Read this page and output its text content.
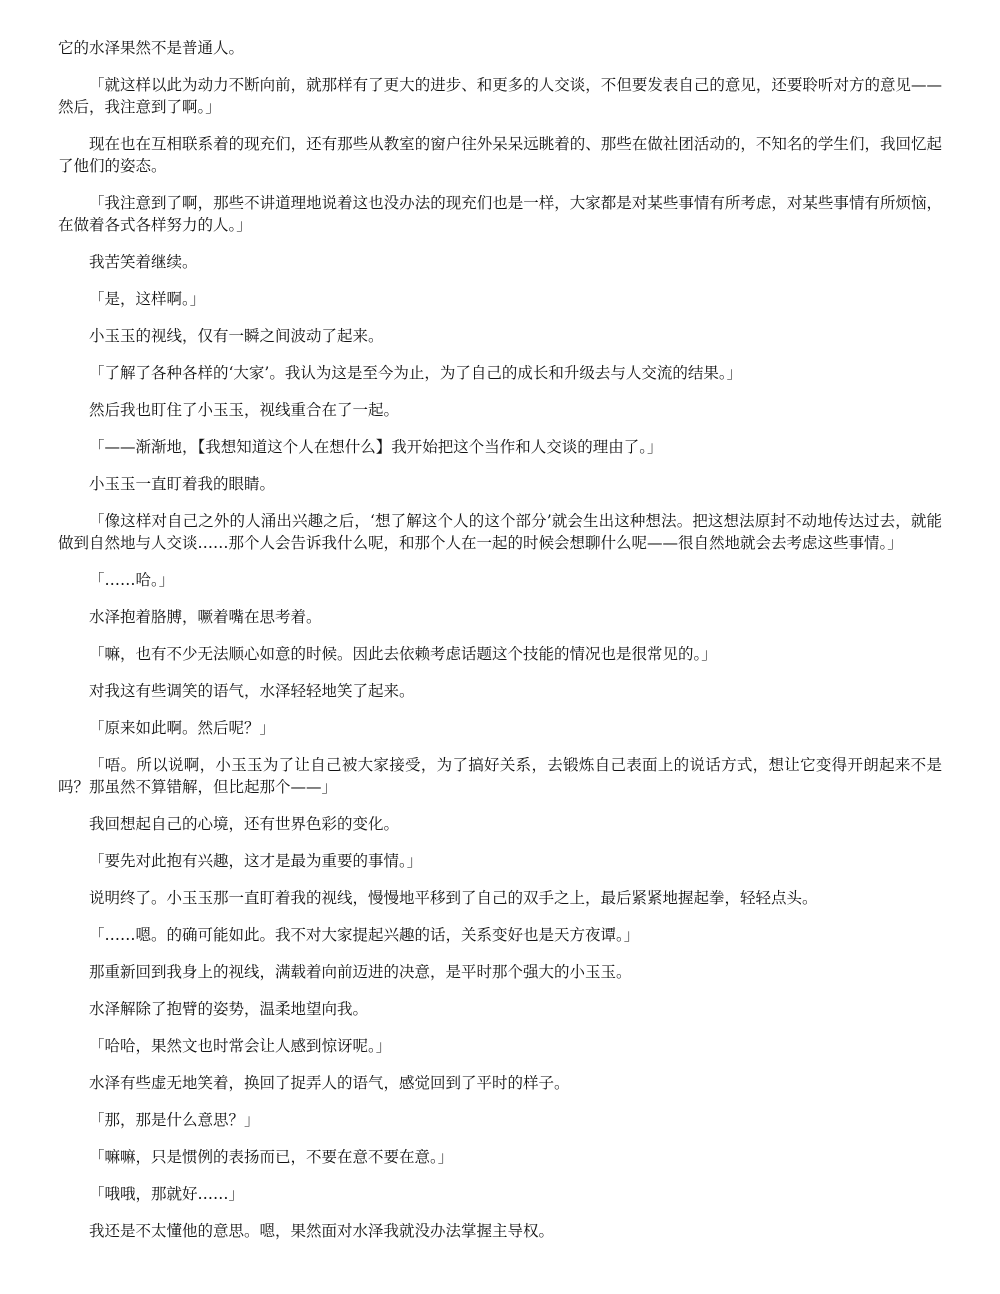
它的水泽果然不是普通人。

「就这样以此为动力不断向前，就那样有了更大的进步、和更多的人交谈，不但要发表自己的意见，还要聆听对方的意见——然后，我注意到了啊。」

现在也在互相联系着的现充们，还有那些从教室的窗户往外呆呆远眺着的、那些在做社团活动的，不知名的学生们，我回忆起了他们的姿态。

「我注意到了啊，那些不讲道理地说着这也没办法的现充们也是一样，大家都是对某些事情有所考虑，对某些事情有所烦恼，在做着各式各样努力的人。」

我苦笑着继续。

「是，这样啊。」

小玉玉的视线，仅有一瞬之间波动了起来。

「了解了各种各样的‘大家’。我认为这是至今为止，为了自己的成长和升级去与人交流的结果。」

然后我也盯住了小玉玉，视线重合在了一起。

「——渐渐地，【我想知道这个人在想什么】我开始把这个当作和人交谈的理由了。」

小玉玉一直盯着我的眼睛。

「像这样对自己之外的人涌出兴趣之后，‘想了解这个人的这个部分’就会生出这种想法。把这想法原封不动地传达过去，就能做到自然地与人交谈……那个人会告诉我什么呢，和那个人在一起的时候会想聊什么呢——很自然地就会去考虑这些事情。」

「……哈。」

水泽抱着胳膊，噘着嘴在思考着。

「嘛，也有不少无法顺心如意的时候。因此去依赖考虑话题这个技能的情况也是很常见的。」

对我这有些调笑的语气，水泽轻轻地笑了起来。

「原来如此啊。然后呢？」

「唔。所以说啊，小玉玉为了让自己被大家接受，为了搞好关系，去锻炼自己表面上的说话方式，想让它变得开朗起来不是吗？那虽然不算错解，但比起那个——」

我回想起自己的心境，还有世界色彩的变化。

「要先对此抱有兴趣，这才是最为重要的事情。」

说明终了。小玉玉那一直盯着我的视线，慢慢地平移到了自己的双手之上，最后紧紧地握起拳，轻轻点头。

「……嗯。的确可能如此。我不对大家提起兴趣的话，关系变好也是天方夜谭。」

那重新回到我身上的视线，满载着向前迈进的决意，是平时那个强大的小玉玉。

水泽解除了抱臂的姿势，温柔地望向我。

「哈哈，果然文也时常会让人感到惊讶呢。」

水泽有些虚无地笑着，换回了捉弄人的语气，感觉回到了平时的样子。

「那，那是什么意思？」

「嘛嘛，只是惯例的表扬而已，不要在意不要在意。」

「哦哦，那就好……」

我还是不太懂他的意思。嗯，果然面对水泽我就没办法掌握主导权。
